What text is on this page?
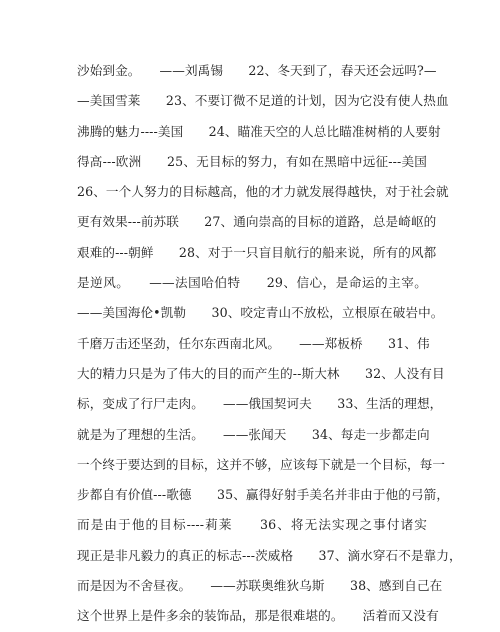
沙始到金。　　——刘禹锡　　22、冬天到了，春天还会远吗?—
—美国雪莱　　23、不要订微不足道的计划，因为它没有使人热血
沸腾的魅力----美国　　24、瞄准天空的人总比瞄准树梢的人要射
得高---欧洲　　25、无目标的努力，有如在黑暗中远征---美国
26、一个人努力的目标越高，他的才力就发展得越快，对于社会就
更有效果---前苏联　　27、通向崇高的目标的道路，总是崎岖的
艰难的---朝鲜　　28、对于一只盲目航行的船来说，所有的风都
是逆风。　　——法国哈伯特　　29、信心，是命运的主宰。
——美国海伦•凯勒　　30、咬定青山不放松，立根原在破岩中。
千磨万击还坚劲，任尔东西南北风。　　——郑板桥　　31、伟
大的精力只是为了伟大的目的而产生的--斯大林　　32、人没有目
标，变成了行尸走肉。　　——俄国契诃夫　　33、生活的理想，
就是为了理想的生活。　　——张闻天　　34、每走一步都走向
一个终于要达到的目标，这并不够，应该每下就是一个目标，每一
步都自有价值---歌德　　35、赢得好射手美名并非由于他的弓箭，
而是由于他的目标----莉莱　　36、将无法实现之事付诸实
现正是非凡毅力的真正的标志---茨威格　　37、滴水穿石不是靠力，
而是因为不舍昼夜。　　——苏联奥维狄乌斯　　38、感到自己在
这个世界上是件多余的装饰品，那是很难堪的。　　活着而又没有
